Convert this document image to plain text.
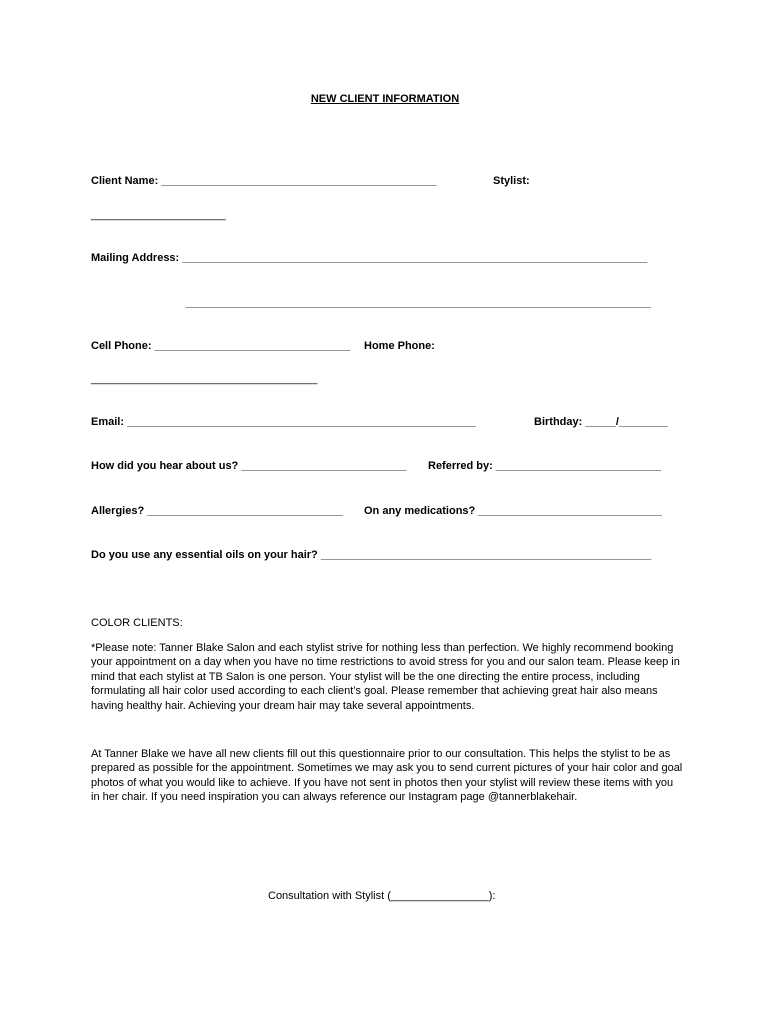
NEW CLIENT INFORMATION
Client Name: _____________________________________________	Stylist:
______________________
Mailing Address: ____________________________________________________________________________
____________________________________________________________________________
Cell Phone: ________________________________ Home Phone:
_____________________________________
Email: _________________________________________________________	Birthday: _____/________
How did you hear about us? ___________________________ Referred by: ___________________________
Allergies? ________________________________ On any medications? ______________________________
Do you use any essential oils on your hair? ______________________________________________________
COLOR CLIENTS:
*Please note: Tanner Blake Salon and each stylist strive for nothing less than perfection. We highly recommend booking your appointment on a day when you have no time restrictions to avoid stress for you and our salon team. Please keep in mind that each stylist at TB Salon is one person. Your stylist will be the one directing the entire process, including formulating all hair color used according to each client’s goal. Please remember that achieving great hair also means having healthy hair. Achieving your dream hair may take several appointments.
At Tanner Blake we have all new clients fill out this questionnaire prior to our consultation. This helps the stylist to be as prepared as possible for the appointment. Sometimes we may ask you to send current pictures of your hair color and goal photos of what you would like to achieve. If you have not sent in photos then your stylist will review these items with you in her chair. If you need inspiration you can always reference our Instagram page @tannerblakehair.
Consultation with Stylist (________________):
